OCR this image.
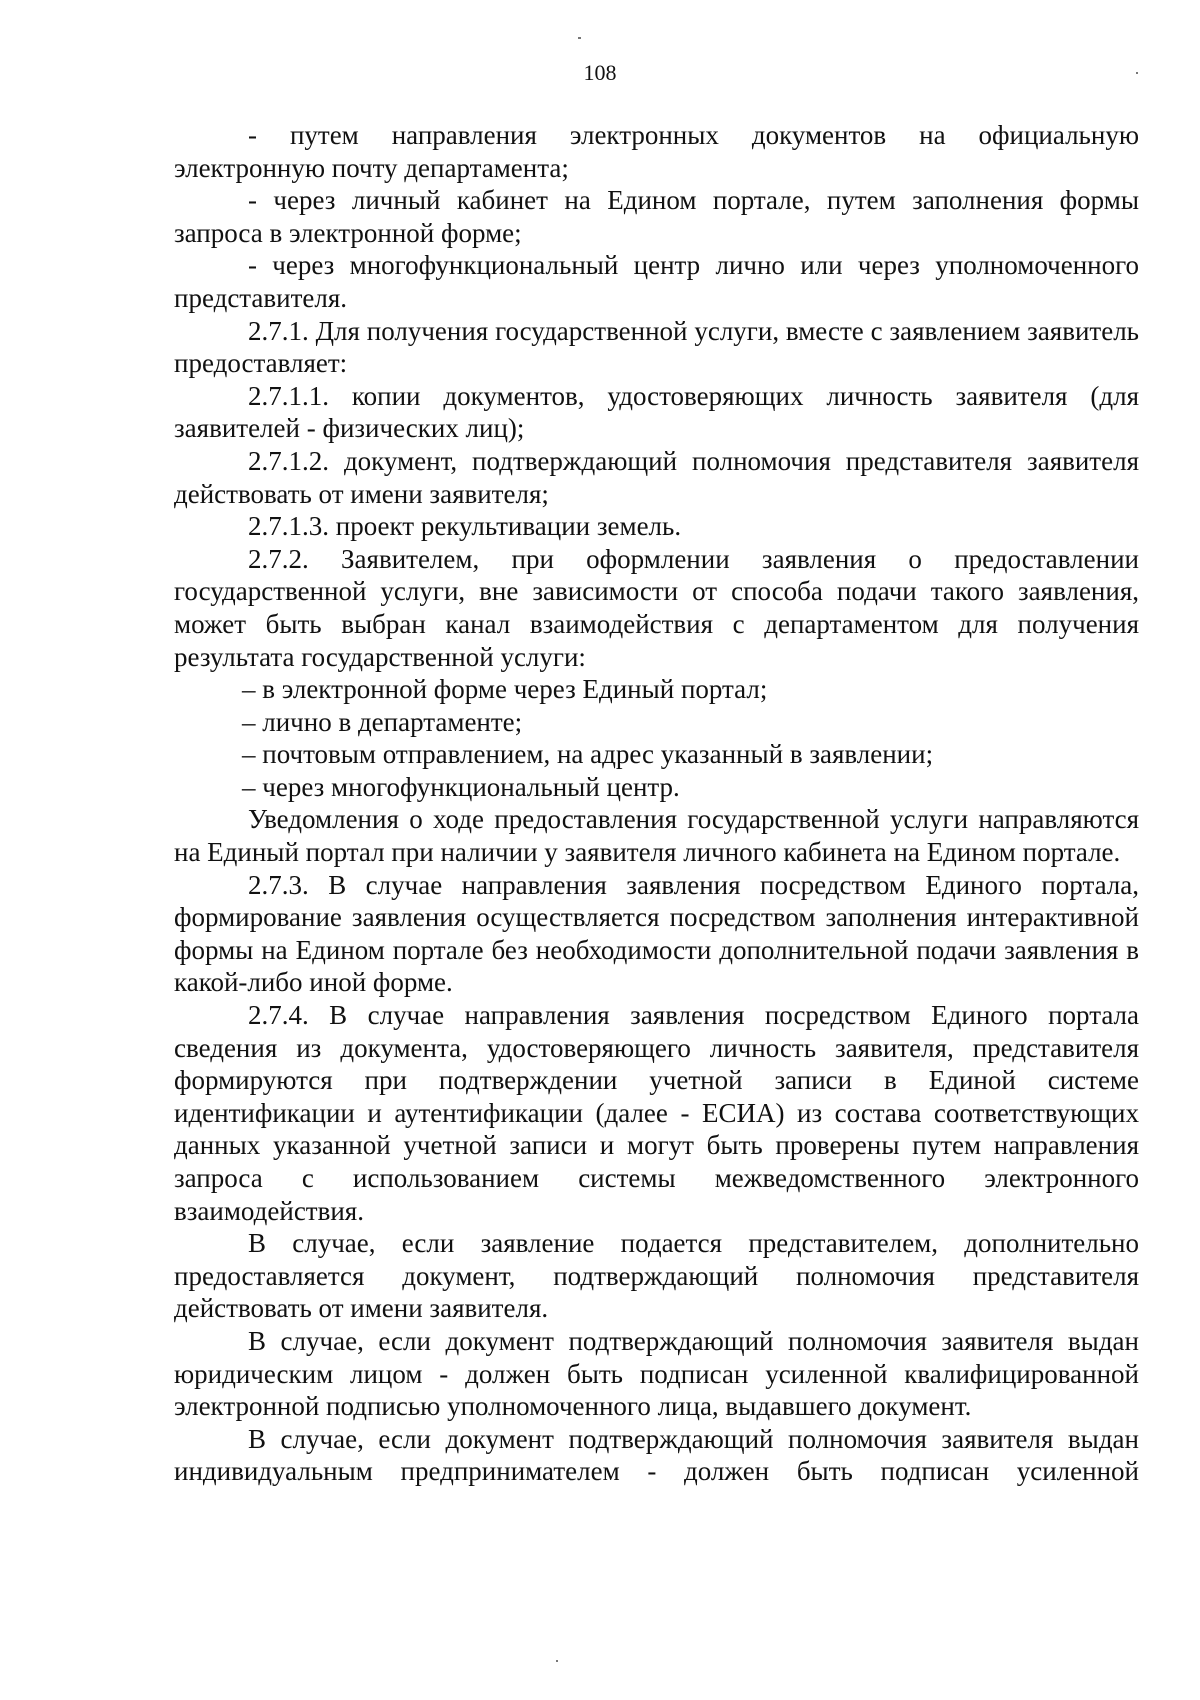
108

- путем направления электронных документов на официальную электронную почту департамента;

- через личный кабинет на Едином портале, путем заполнения формы запроса в электронной форме;

- через многофункциональный центр лично или через уполномоченного представителя.

2.7.1. Для получения государственной услуги, вместе с заявлением заявитель предоставляет:

2.7.1.1. копии документов, удостоверяющих личность заявителя (для заявителей - физических лиц);

2.7.1.2. документ, подтверждающий полномочия представителя заявителя действовать от имени заявителя;

2.7.1.3. проект рекультивации земель.

2.7.2. Заявителем, при оформлении заявления о предоставлении государственной услуги, вне зависимости от способа подачи такого заявления, может быть выбран канал взаимодействия с департаментом для получения результата государственной услуги:

– в электронной форме через Единый портал;

– лично в департаменте;

– почтовым отправлением, на адрес указанный в заявлении;

– через многофункциональный центр.

Уведомления о ходе предоставления государственной услуги направляются на Единый портал при наличии у заявителя личного кабинета на Едином портале.

2.7.3. В случае направления заявления посредством Единого портала, формирование заявления осуществляется посредством заполнения интерактивной формы на Едином портале без необходимости дополнительной подачи заявления в какой-либо иной форме.

2.7.4. В случае направления заявления посредством Единого портала сведения из документа, удостоверяющего личность заявителя, представителя формируются при подтверждении учетной записи в Единой системе идентификации и аутентификации (далее - ЕСИА) из состава соответствующих данных указанной учетной записи и могут быть проверены путем направления запроса с использованием системы межведомственного электронного взаимодействия.

В случае, если заявление подается представителем, дополнительно предоставляется документ, подтверждающий полномочия представителя действовать от имени заявителя.

В случае, если документ подтверждающий полномочия заявителя выдан юридическим лицом - должен быть подписан усиленной квалифицированной электронной подписью уполномоченного лица, выдавшего документ.

В случае, если документ подтверждающий полномочия заявителя выдан индивидуальным предпринимателем - должен быть подписан усиленной
